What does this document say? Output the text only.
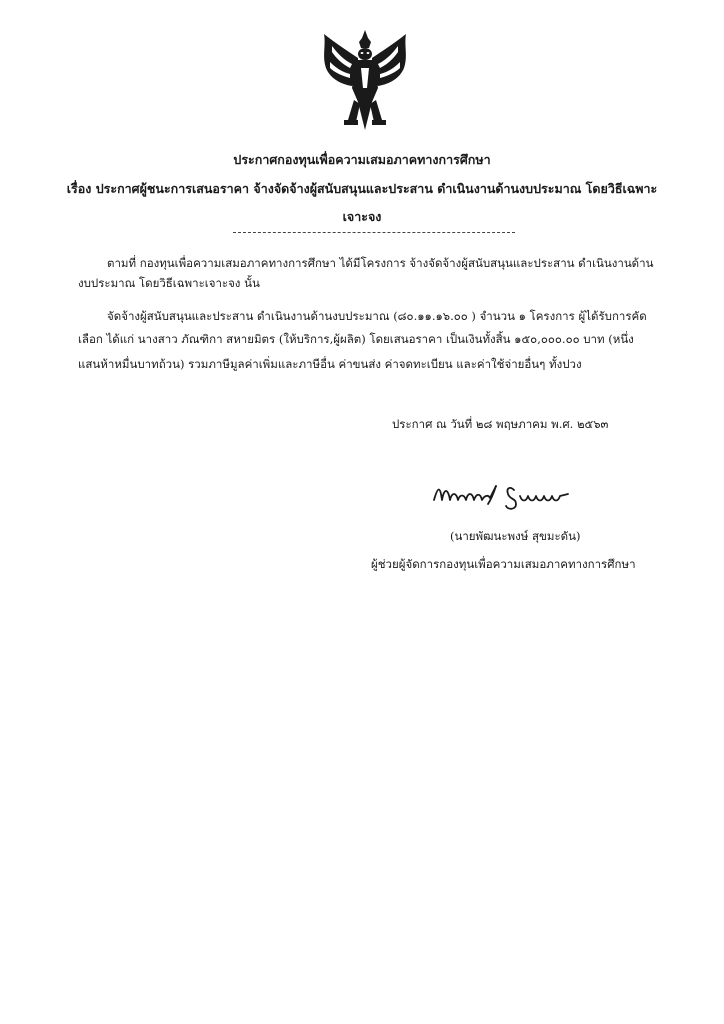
ประกาศกองทุนเพื่อความเสมอภาคทางการศึกษา
เรื่อง ประกาศผู้ชนะการเสนอราคา จ้างจัดจ้างผู้สนับสนุนและประสาน ดำเนินงานด้านงบประมาณ โดยวิธีเฉพาะ
เจาะจง
ตามที่ กองทุนเพื่อความเสมอภาคทางการศึกษา ได้มีโครงการ จ้างจัดจ้างผู้สนับสนุนและประสาน ดำเนินงานด้าน
งบประมาณ โดยวิธีเฉพาะเจาะจง นั้น
จัดจ้างผู้สนับสนุนและประสาน ดำเนินงานด้านงบประมาณ (๘๐.๑๑.๑๖.๐๐ ) จำนวน ๑ โครงการ ผู้ได้รับการคัด
เลือก ได้แก่ นางสาว ภัณฑิกา สหายมิตร (ให้บริการ,ผู้ผลิต) โดยเสนอราคา เป็นเงินทั้งสิ้น ๑๕๐,๐๐๐.๐๐ บาท (หนึ่ง
แสนห้าหมื่นบาทถ้วน) รวมภาษีมูลค่าเพิ่มและภาษีอื่น ค่าขนส่ง ค่าจดทะเบียน และค่าใช้จ่ายอื่นๆ ทั้งปวง
ประกาศ ณ วันที่ ๒๘ พฤษภาคม พ.ศ. ๒๕๖๓
(นายพัฒนะพงษ์ สุขมะดัน)
ผู้ช่วยผู้จัดการกองทุนเพื่อความเสมอภาคทางการศึกษา
